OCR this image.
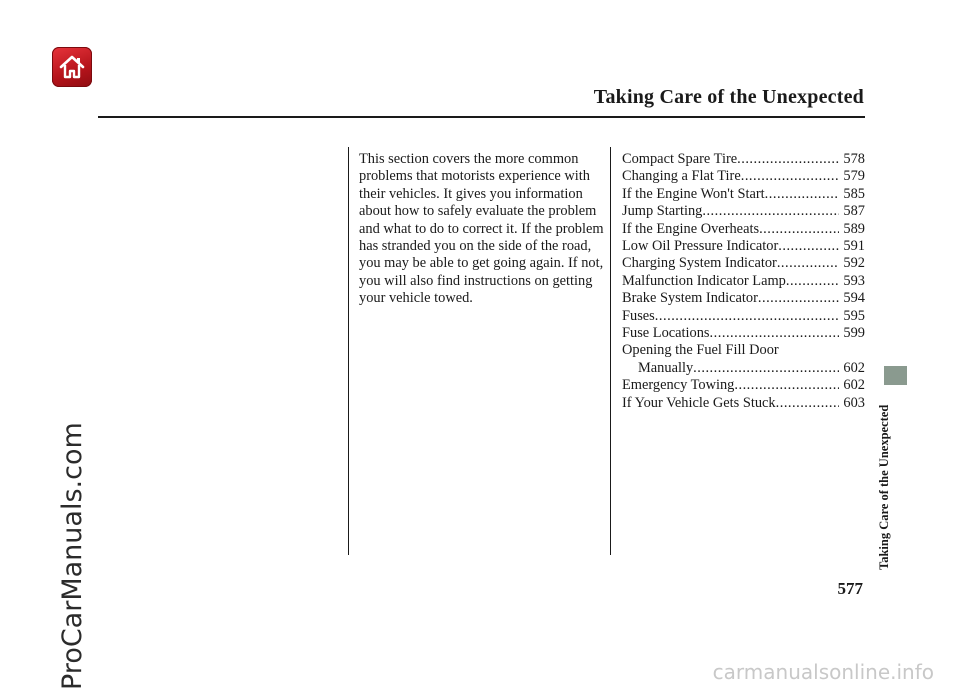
ProCarManuals.com
Taking Care of the Unexpected

This section covers the more common problems that motorists experience with their vehicles. It gives you information about how to safely evaluate the problem and what to do to correct it. If the problem has stranded you on the side of the road, you may be able to get going again. If not, you will also find instructions on getting your vehicle towed.

Compact Spare Tire .....	578
Changing a Flat Tire .....	579
If the Engine Won't Start .....	585
Jump Starting .....	587
If the Engine Overheats .....	589
Low Oil Pressure Indicator .....	591
Charging System Indicator .....	592
Malfunction Indicator Lamp .....	593
Brake System Indicator .....	594
Fuses .....	595
Fuse Locations .....	599
Opening the Fuel Fill Door
Manually .....	602
Emergency Towing .....	602
If Your Vehicle Gets Stuck .....	603
Taking Care of the Unexpected
577
carmanualsonline.info
